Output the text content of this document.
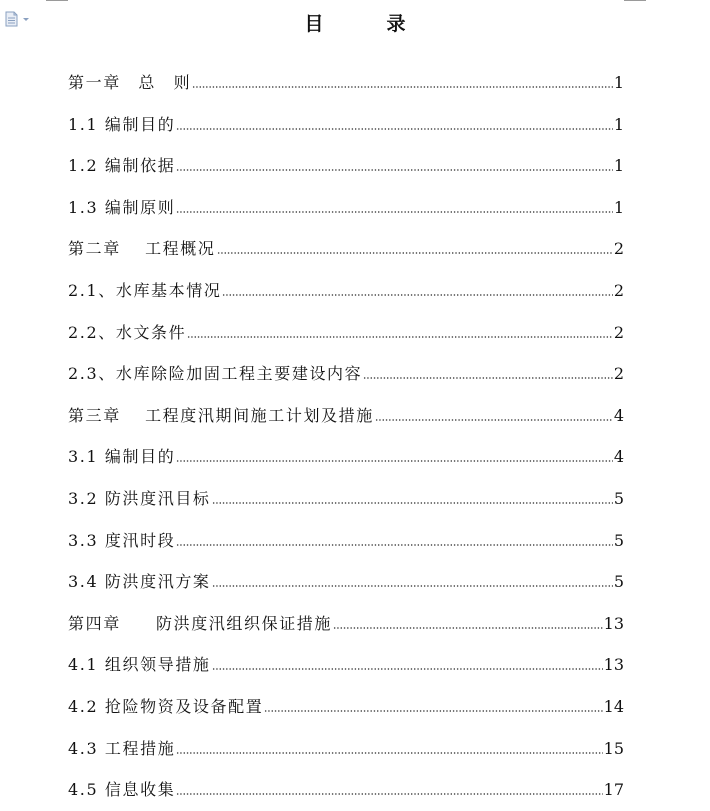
目　录
第一章　总　则	1
1.1 编制目的	1
1.2 编制依据	1
1.3 编制原则	1
第二章　 工程概况	2
2.1、水库基本情况	2
2.2、水文条件	2
2.3、水库除险加固工程主要建设内容	2
第三章　 工程度汛期间施工计划及措施	4
3.1 编制目的	4
3.2 防洪度汛目标	5
3.3 度汛时段	5
3.4 防洪度汛方案	5
第四章　　防洪度汛组织保证措施	13
4.1 组织领导措施	13
4.2 抢险物资及设备配置	14
4.3 工程措施	15
4.5 信息收集	17
